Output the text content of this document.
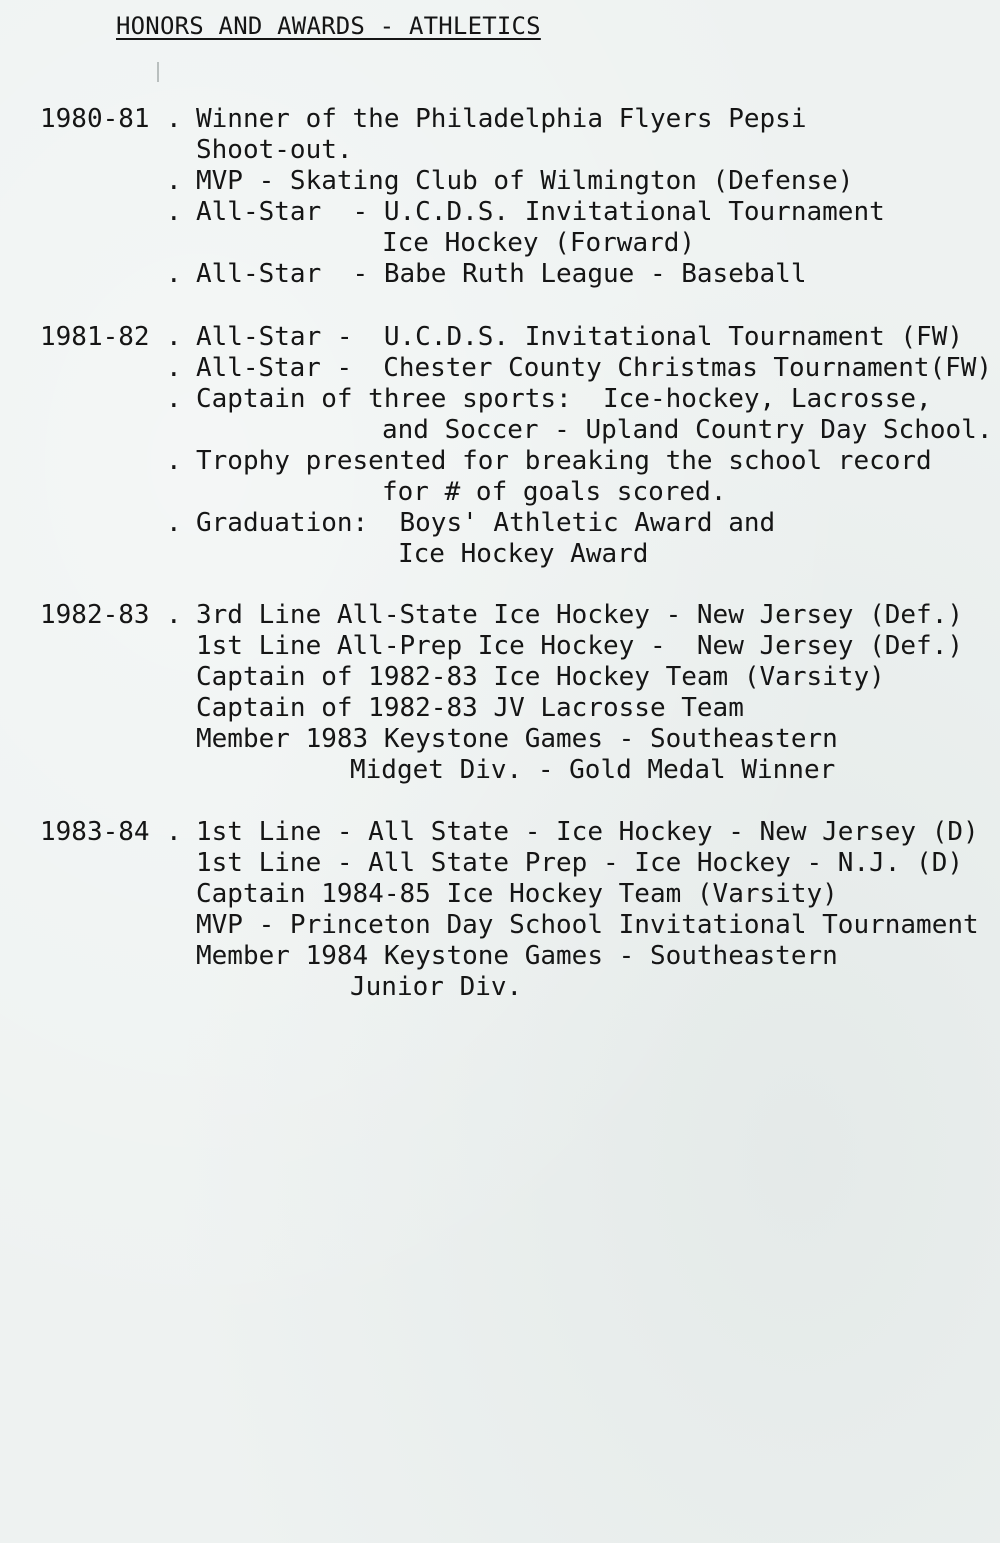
HONORS AND AWARDS - ATHLETICS
1980-81 . Winner of the Philadelphia Flyers Pepsi
Shoot-out.
. MVP - Skating Club of Wilmington (Defense)
. All-Star  - U.C.D.S. Invitational Tournament
Ice Hockey (Forward)
. All-Star  - Babe Ruth League - Baseball
1981-82 . All-Star -  U.C.D.S. Invitational Tournament (FW)
. All-Star -  Chester County Christmas Tournament(FW)
. Captain of three sports:  Ice-hockey, Lacrosse,
and Soccer - Upland Country Day School.
. Trophy presented for breaking the school record
for # of goals scored.
. Graduation:  Boys' Athletic Award and
Ice Hockey Award
1982-83 . 3rd Line All-State Ice Hockey - New Jersey (Def.)
1st Line All-Prep Ice Hockey -  New Jersey (Def.)
Captain of 1982-83 Ice Hockey Team (Varsity)
Captain of 1982-83 JV Lacrosse Team
Member 1983 Keystone Games - Southeastern
Midget Div. - Gold Medal Winner
1983-84 . 1st Line - All State - Ice Hockey - New Jersey (D)
1st Line - All State Prep - Ice Hockey - N.J. (D)
Captain 1984-85 Ice Hockey Team (Varsity)
MVP - Princeton Day School Invitational Tournament
Member 1984 Keystone Games - Southeastern
Junior Div.
